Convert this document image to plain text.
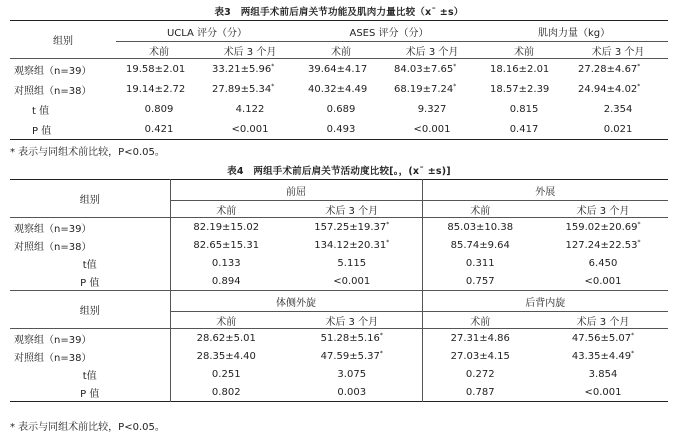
表3　两组手术前后肩关节功能及肌肉力量比较（x¯ ±s）
组别	UCLA 评分（分）		ASES 评分（分）		肌肉力量（kg）	
	术前	术后 3 个月	术前	术后 3 个月	术前	术后 3 个月
观察组（n=39）	19.58±2.01	33.21±5.96*	39.64±4.17	84.03±7.65*	18.16±2.01	27.28±4.67*
对照组（n=38）	19.14±2.72	27.89±5.34*	40.32±4.49	68.19±7.24*	18.57±2.39	24.94±4.02*
t 值	0.809	4.122	0.689	9.327	0.815	2.354
P 值	0.421	<0.001	0.493	<0.001	0.417	0.021
* 表示与同组术前比较，P<0.05。
表4　两组手术前后肩关节活动度比较[。，(x¯ ±s)]
组别	前屈		外展	
	术前	术后 3 个月	术前	术后 3 个月
观察组（n=39）	82.19±15.02	157.25±19.37*	85.03±10.38	159.02±20.69*
对照组（n=38）	82.65±15.31	134.12±20.31*	85.74±9.64	127.24±22.53*
t值	0.133	5.115	0.311	6.450
P 值	0.894	<0.001	0.757	<0.001
组别	体侧外旋		后背内旋	
	术前	术后 3 个月	术前	术后 3 个月
观察组（n=39）	28.62±5.01	51.28±5.16*	27.31±4.86	47.56±5.07*
对照组（n=38）	28.35±4.40	47.59±5.37*	27.03±4.15	43.35±4.49*
t值	0.251	3.075	0.272	3.854
P 值	0.802	0.003	0.787	<0.001
* 表示与同组术前比较，P<0.05。
